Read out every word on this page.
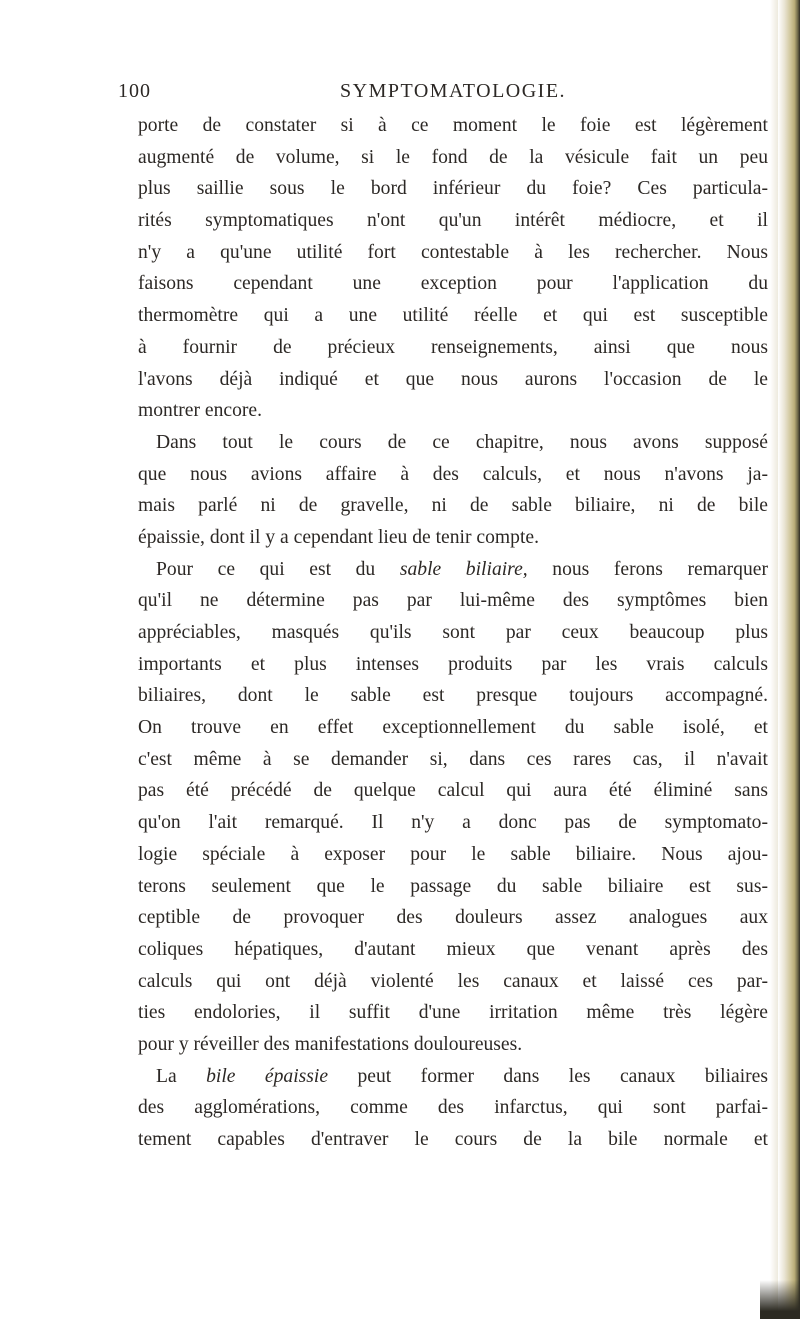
100	SYMPTOMATOLOGIE.
porte de constater si à ce moment le foie est légèrement
augmenté de volume, si le fond de la vésicule fait un peu
plus saillie sous le bord inférieur du foie? Ces particula-
rités symptomatiques n'ont qu'un intérêt médiocre, et il
n'y a qu'une utilité fort contestable à les rechercher. Nous
faisons cependant une exception pour l'application du
thermomètre qui a une utilité réelle et qui est susceptible
à fournir de précieux renseignements, ainsi que nous
l'avons déjà indiqué et que nous aurons l'occasion de le
montrer encore.
Dans tout le cours de ce chapitre, nous avons supposé
que nous avions affaire à des calculs, et nous n'avons ja-
mais parlé ni de gravelle, ni de sable biliaire, ni de bile
épaissie, dont il y a cependant lieu de tenir compte.
Pour ce qui est du sable biliaire, nous ferons remarquer
qu'il ne détermine pas par lui-même des symptômes bien
appréciables, masqués qu'ils sont par ceux beaucoup plus
importants et plus intenses produits par les vrais calculs
biliaires, dont le sable est presque toujours accompagné.
On trouve en effet exceptionnellement du sable isolé, et
c'est même à se demander si, dans ces rares cas, il n'avait
pas été précédé de quelque calcul qui aura été éliminé sans
qu'on l'ait remarqué. Il n'y a donc pas de symptomato-
logie spéciale à exposer pour le sable biliaire. Nous ajou-
terons seulement que le passage du sable biliaire est sus-
ceptible de provoquer des douleurs assez analogues aux
coliques hépatiques, d'autant mieux que venant après des
calculs qui ont déjà violenté les canaux et laissé ces par-
ties endolories, il suffit d'une irritation même très légère
pour y réveiller des manifestations douloureuses.
La bile épaissie peut former dans les canaux biliaires
des agglomérations, comme des infarctus, qui sont parfai-
tement capables d'entraver le cours de la bile normale et
